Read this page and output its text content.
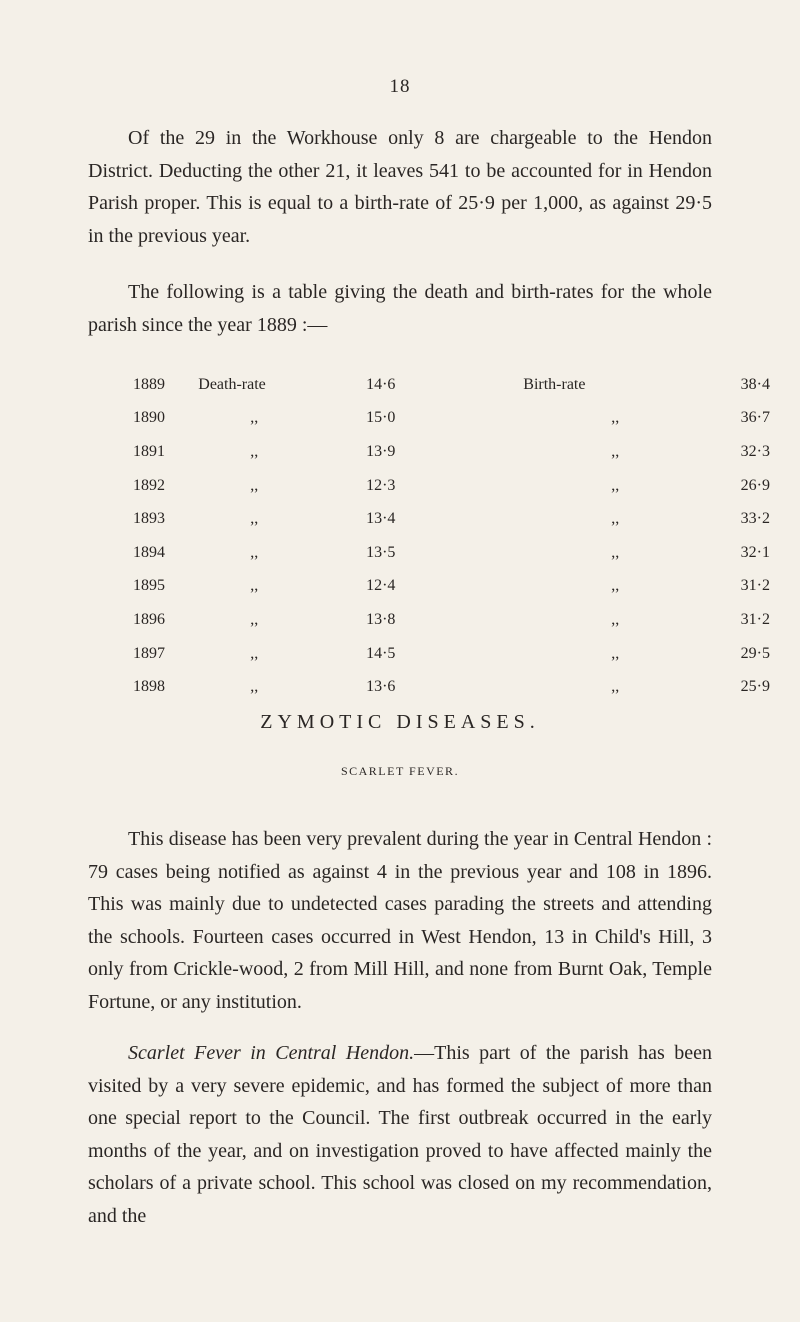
18

Of the 29 in the Workhouse only 8 are chargeable to the Hendon District. Deducting the other 21, it leaves 541 to be accounted for in Hendon Parish proper. This is equal to a birth-rate of 25·9 per 1,000, as against 29·5 in the previous year.

The following is a table giving the death and birth-rates for the whole parish since the year 1889 :—

1889	Death-rate	14·6	Birth-rate	38·4
1890	,,	15·0	,,	36·7
1891	,,	13·9	,,	32·3
1892	,,	12·3	,,	26·9
1893	,,	13·4	,,	33·2
1894	,,	13·5	,,	32·1
1895	,,	12·4	,,	31·2
1896	,,	13·8	,,	31·2
1897	,,	14·5	,,	29·5
1898	,,	13·6	,,	25·9
ZYMOTIC DISEASES.
SCARLET FEVER.

This disease has been very prevalent during the year in Central Hendon : 79 cases being notified as against 4 in the previous year and 108 in 1896. This was mainly due to undetected cases parading the streets and attending the schools. Fourteen cases occurred in West Hendon, 13 in Child's Hill, 3 only from Crickle-wood, 2 from Mill Hill, and none from Burnt Oak, Temple Fortune, or any institution.

Scarlet Fever in Central Hendon.—This part of the parish has been visited by a very severe epidemic, and has formed the subject of more than one special report to the Council. The first outbreak occurred in the early months of the year, and on investigation proved to have affected mainly the scholars of a private school. This school was closed on my recommendation, and the
